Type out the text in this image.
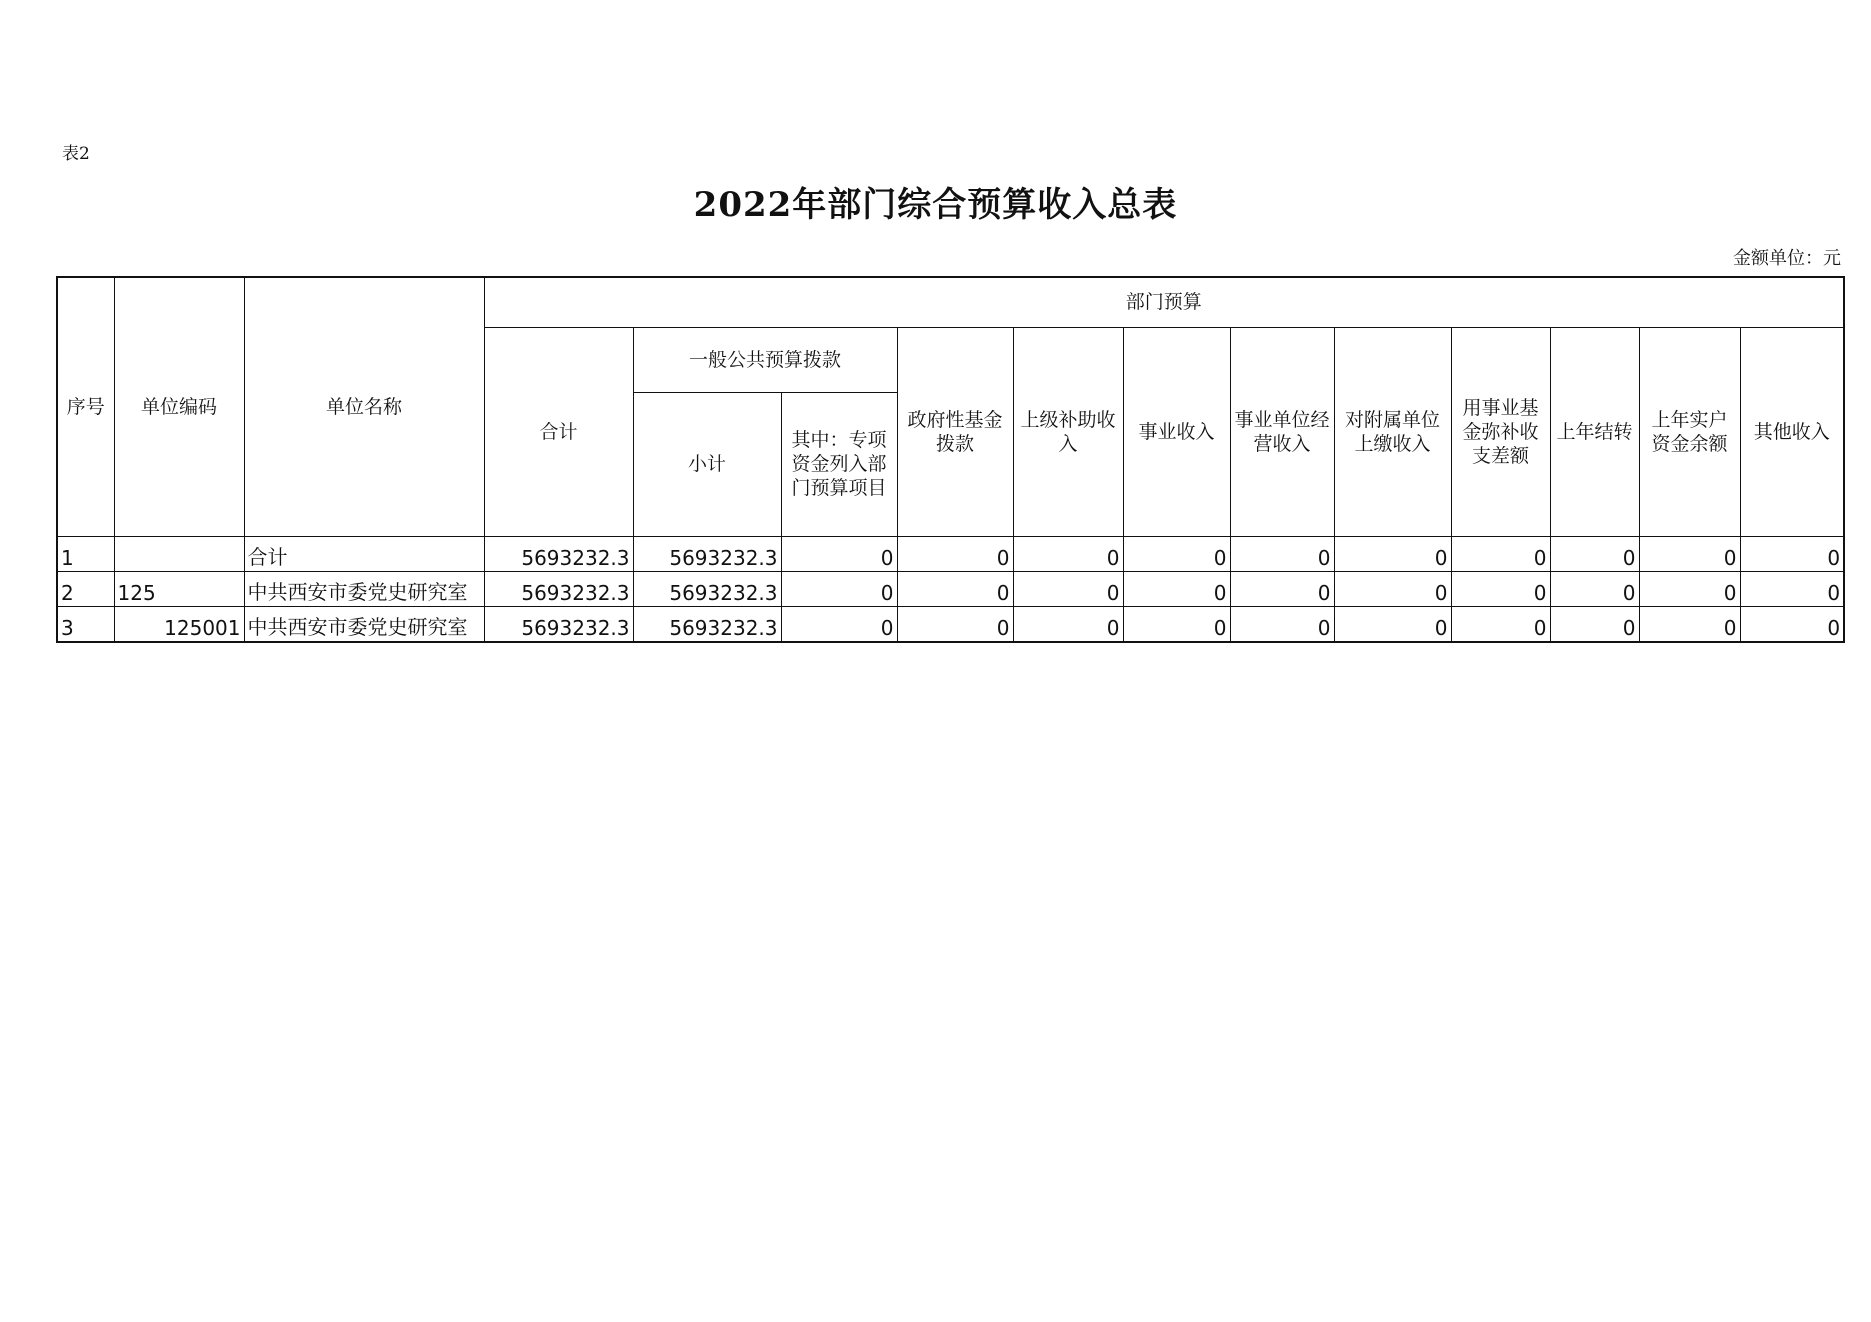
表2
2022年部门综合预算收入总表
金额单位：元
序号	单位编码	单位名称	部门预算											
			合计	一般公共预算拨款		政府性基金拨款	上级补助收入	事业收入	事业单位经营收入	对附属单位上缴收入	用事业基金弥补收支差额	上年结转	上年实户资金余额	其他收入
				小计	其中：专项资金列入部门预算项目									
1		合计	5693232.3	5693232.3	0	0	0	0	0	0	0	0	0	0
2	125	中共西安市委党史研究室	5693232.3	5693232.3	0	0	0	0	0	0	0	0	0	0
3	125001	中共西安市委党史研究室	5693232.3	5693232.3	0	0	0	0	0	0	0	0	0	0
